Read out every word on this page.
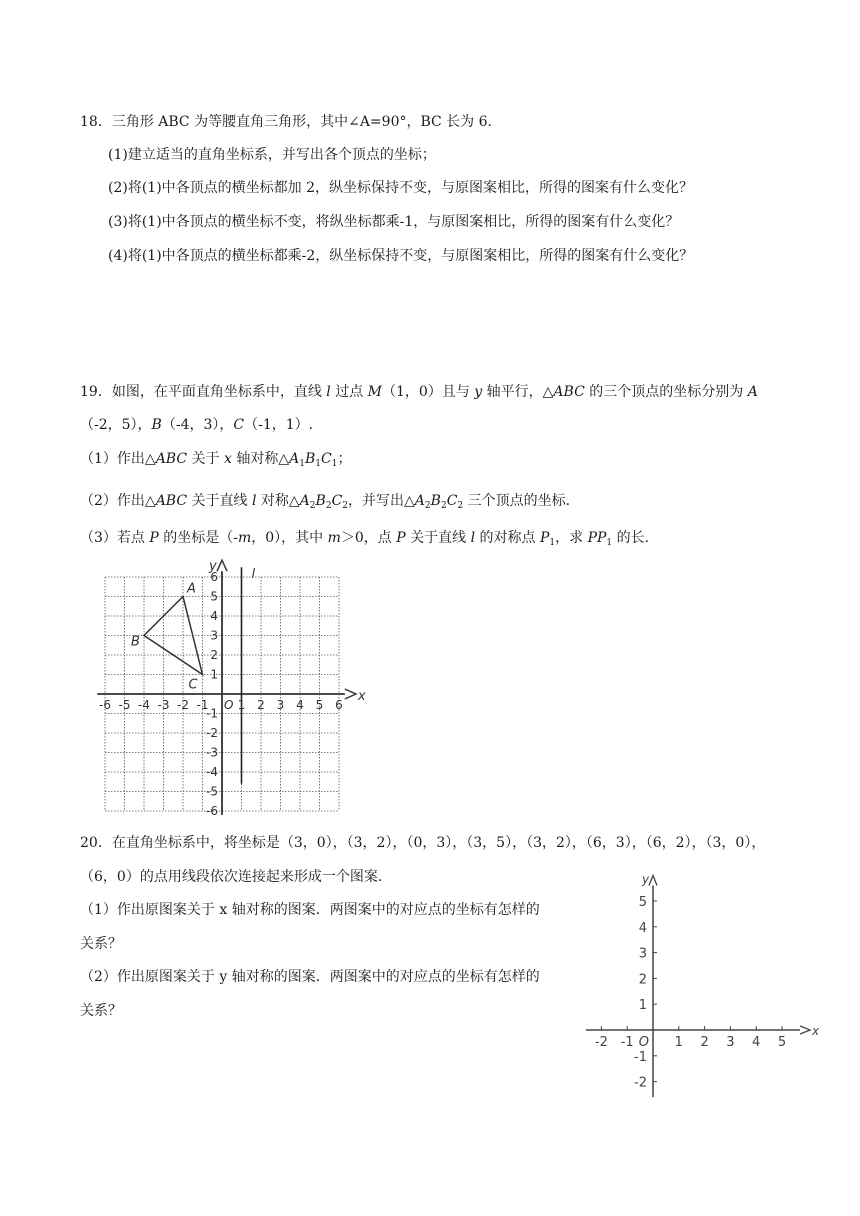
18．三角形 ABC 为等腰直角三角形，其中∠A=90°，BC 长为 6.
(1)建立适当的直角坐标系，并写出各个顶点的坐标；
(2)将(1)中各顶点的横坐标都加 2，纵坐标保持不变，与原图案相比，所得的图案有什么变化？
(3)将(1)中各顶点的横坐标不变，将纵坐标都乘-1，与原图案相比，所得的图案有什么变化？
(4)将(1)中各顶点的横坐标都乘-2，纵坐标保持不变，与原图案相比，所得的图案有什么变化？
19．如图，在平面直角坐标系中，直线 l 过点 M（1，0）且与 y 轴平行，△ABC 的三个顶点的坐标分别为 A
（-2，5），B（-4，3），C（-1，1）.
（1）作出△ABC 关于 x 轴对称$\triangle A_1B_1C_1$；
（2）作出△ABC 关于直线 l 对称$\triangle A_2B_2C_2$，并写出$\triangle A_2B_2C_2$ 三个顶点的坐标.
（3）若点 P 的坐标是（-m，0），其中 m＞0，点 P 关于直线 l 的对称点 $P_1$，求 $PP_1$ 的长.
x
y
l
-6 -5 -4 -3 -2 -1 1 2 3 4 5 6
6
5
4
3
2
1
-1
-2
-3
-4
-5
-6
O
A
B
C
20．在直角坐标系中，将坐标是（3，0），（3，2），（0，3），（3，5），（3，2），（6，3），（6，2），（3，0），
（6，0）的点用线段依次连接起来形成一个图案.
（1）作出原图案关于 x 轴对称的图案．两图案中的对应点的坐标有怎样的
关系？
（2）作出原图案关于 y 轴对称的图案．两图案中的对应点的坐标有怎样的
关系？
x
y
-2 -1	1 2 3 4 5
5
4
3
2
1
-1
-2
O
